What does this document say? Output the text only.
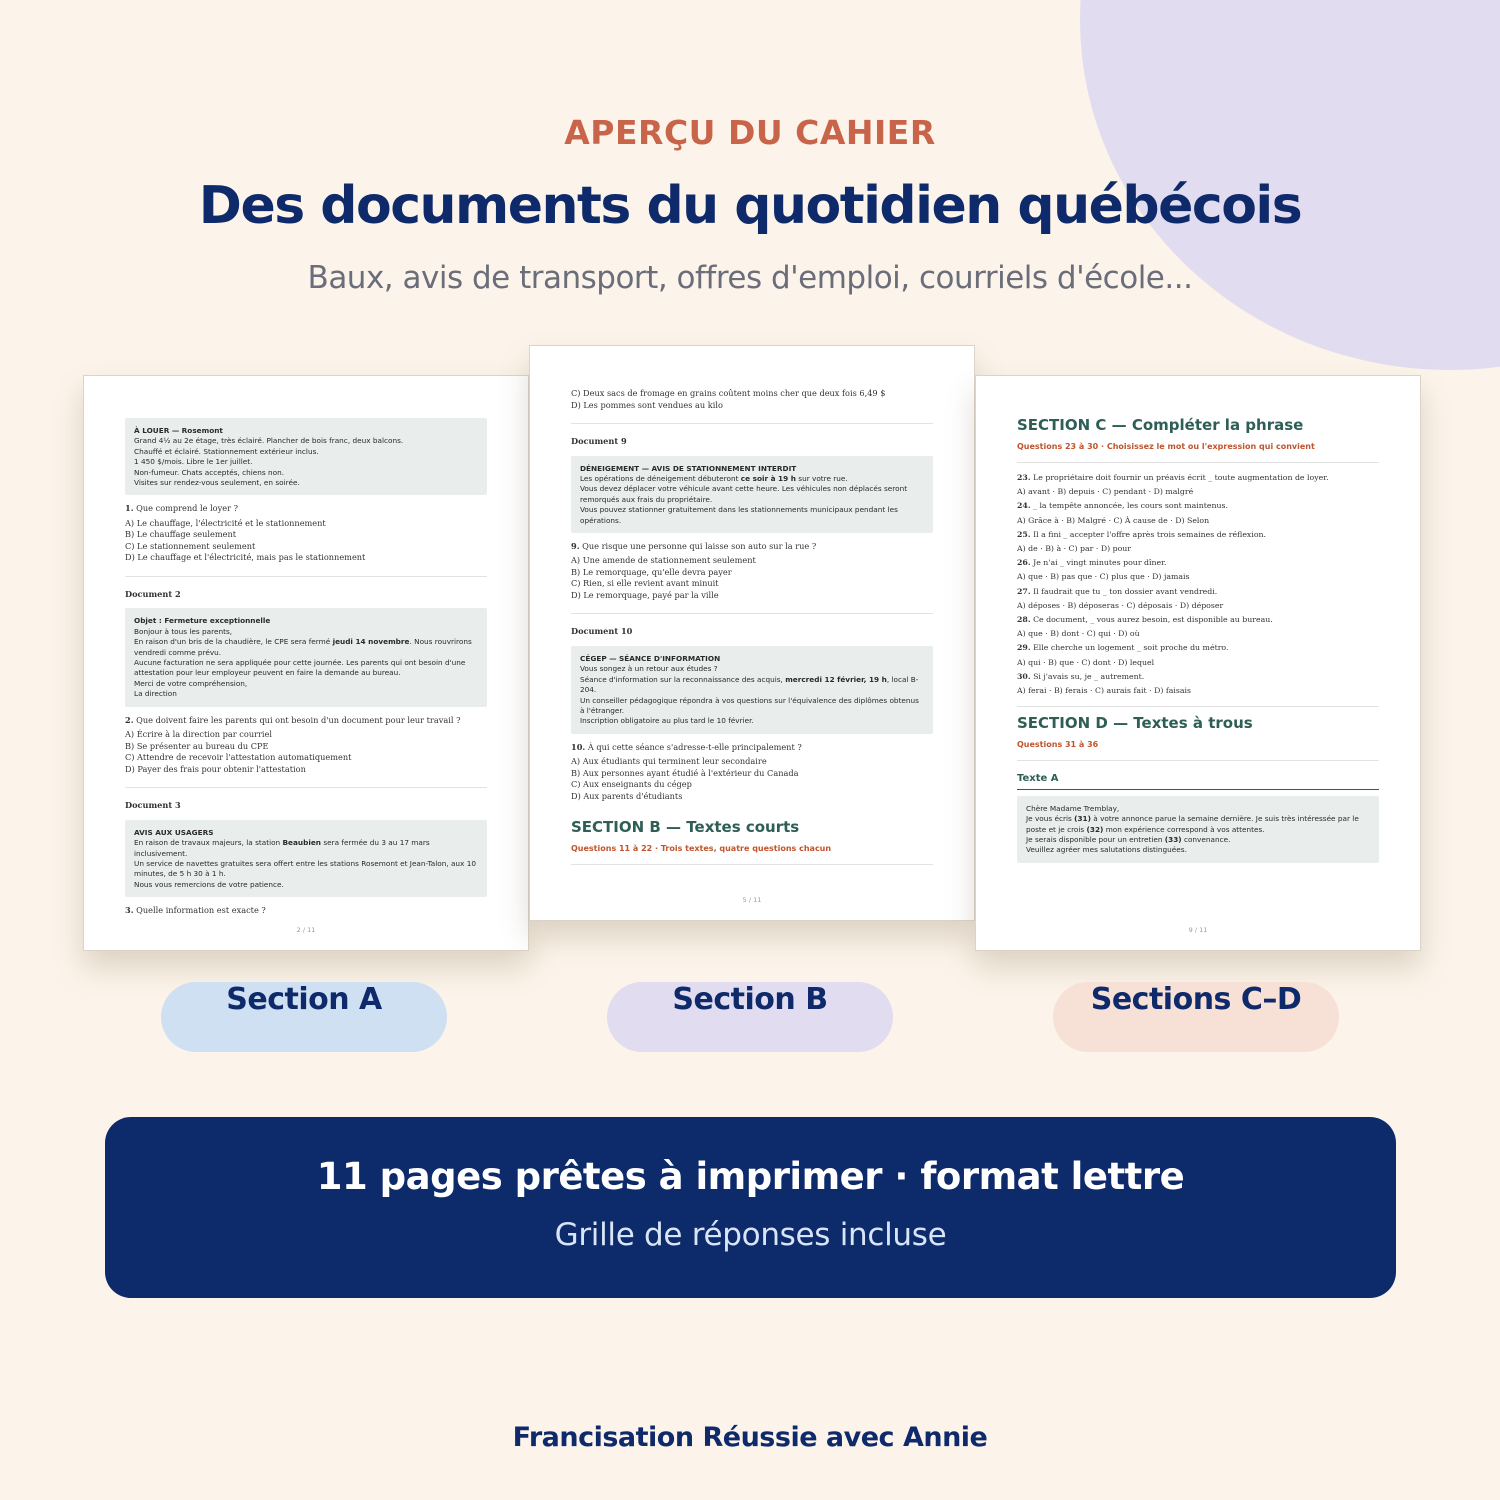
APERÇU DU CAHIER
Des documents du quotidien québécois
Baux, avis de transport, offres d'emploi, courriels d'école...
À LOUER — Rosemont
Grand 4½ au 2e étage, très éclairé. Plancher de bois franc, deux balcons.
Chauffé et éclairé. Stationnement extérieur inclus.
1 450 $/mois. Libre le 1er juillet.
Non-fumeur. Chats acceptés, chiens non.
Visites sur rendez-vous seulement, en soirée.
1. Que comprend le loyer ?
A) Le chauffage, l'électricité et le stationnement
B) Le chauffage seulement
C) Le stationnement seulement
D) Le chauffage et l'électricité, mais pas le stationnement
Document 2
Objet : Fermeture exceptionnelle
Bonjour à tous les parents,
En raison d'un bris de la chaudière, le CPE sera fermé jeudi 14 novembre. Nous rouvrirons vendredi comme prévu.
Aucune facturation ne sera appliquée pour cette journée. Les parents qui ont besoin d'une attestation pour leur employeur peuvent en faire la demande au bureau.
Merci de votre compréhension,
La direction
2. Que doivent faire les parents qui ont besoin d'un document pour leur travail ?
A) Écrire à la direction par courriel
B) Se présenter au bureau du CPE
C) Attendre de recevoir l'attestation automatiquement
D) Payer des frais pour obtenir l'attestation
Document 3
AVIS AUX USAGERS
En raison de travaux majeurs, la station Beaubien sera fermée du 3 au 17 mars inclusivement.
Un service de navettes gratuites sera offert entre les stations Rosemont et Jean-Talon, aux 10 minutes, de 5 h 30 à 1 h.
Nous vous remercions de votre patience.
3. Quelle information est exacte ?
2 / 11
C) Deux sacs de fromage en grains coûtent moins cher que deux fois 6,49 $
D) Les pommes sont vendues au kilo
Document 9
DÉNEIGEMENT — AVIS DE STATIONNEMENT INTERDIT
Les opérations de déneigement débuteront ce soir à 19 h sur votre rue.
Vous devez déplacer votre véhicule avant cette heure. Les véhicules non déplacés seront remorqués aux frais du propriétaire.
Vous pouvez stationner gratuitement dans les stationnements municipaux pendant les opérations.
9. Que risque une personne qui laisse son auto sur la rue ?
A) Une amende de stationnement seulement
B) Le remorquage, qu'elle devra payer
C) Rien, si elle revient avant minuit
D) Le remorquage, payé par la ville
Document 10
CÉGEP — SÉANCE D'INFORMATION
Vous songez à un retour aux études ?
Séance d'information sur la reconnaissance des acquis, mercredi 12 février, 19 h, local B-204.
Un conseiller pédagogique répondra à vos questions sur l'équivalence des diplômes obtenus à l'étranger.
Inscription obligatoire au plus tard le 10 février.
10. À qui cette séance s'adresse-t-elle principalement ?
A) Aux étudiants qui terminent leur secondaire
B) Aux personnes ayant étudié à l'extérieur du Canada
C) Aux enseignants du cégep
D) Aux parents d'étudiants
SECTION B — Textes courts
Questions 11 à 22 · Trois textes, quatre questions chacun
5 / 11
SECTION C — Compléter la phrase
Questions 23 à 30 · Choisissez le mot ou l'expression qui convient
23. Le propriétaire doit fournir un préavis écrit _ toute augmentation de loyer.
A) avant · B) depuis · C) pendant · D) malgré
24. _ la tempête annoncée, les cours sont maintenus.
A) Grâce à · B) Malgré · C) À cause de · D) Selon
25. Il a fini _ accepter l'offre après trois semaines de réflexion.
A) de · B) à · C) par · D) pour
26. Je n'ai _ vingt minutes pour dîner.
A) que · B) pas que · C) plus que · D) jamais
27. Il faudrait que tu _ ton dossier avant vendredi.
A) déposes · B) déposeras · C) déposais · D) déposer
28. Ce document, _ vous aurez besoin, est disponible au bureau.
A) que · B) dont · C) qui · D) où
29. Elle cherche un logement _ soit proche du métro.
A) qui · B) que · C) dont · D) lequel
30. Si j'avais su, je _ autrement.
A) ferai · B) ferais · C) aurais fait · D) faisais
SECTION D — Textes à trous
Questions 31 à 36
Texte A
Chère Madame Tremblay,
Je vous écris (31) à votre annonce parue la semaine dernière. Je suis très intéressée par le poste et je crois (32) mon expérience correspond à vos attentes.
Je serais disponible pour un entretien (33) convenance.
Veuillez agréer mes salutations distinguées.
9 / 11
Section A	Section B	Sections C–D
11 pages prêtes à imprimer · format lettre
Grille de réponses incluse
Francisation Réussie avec Annie
